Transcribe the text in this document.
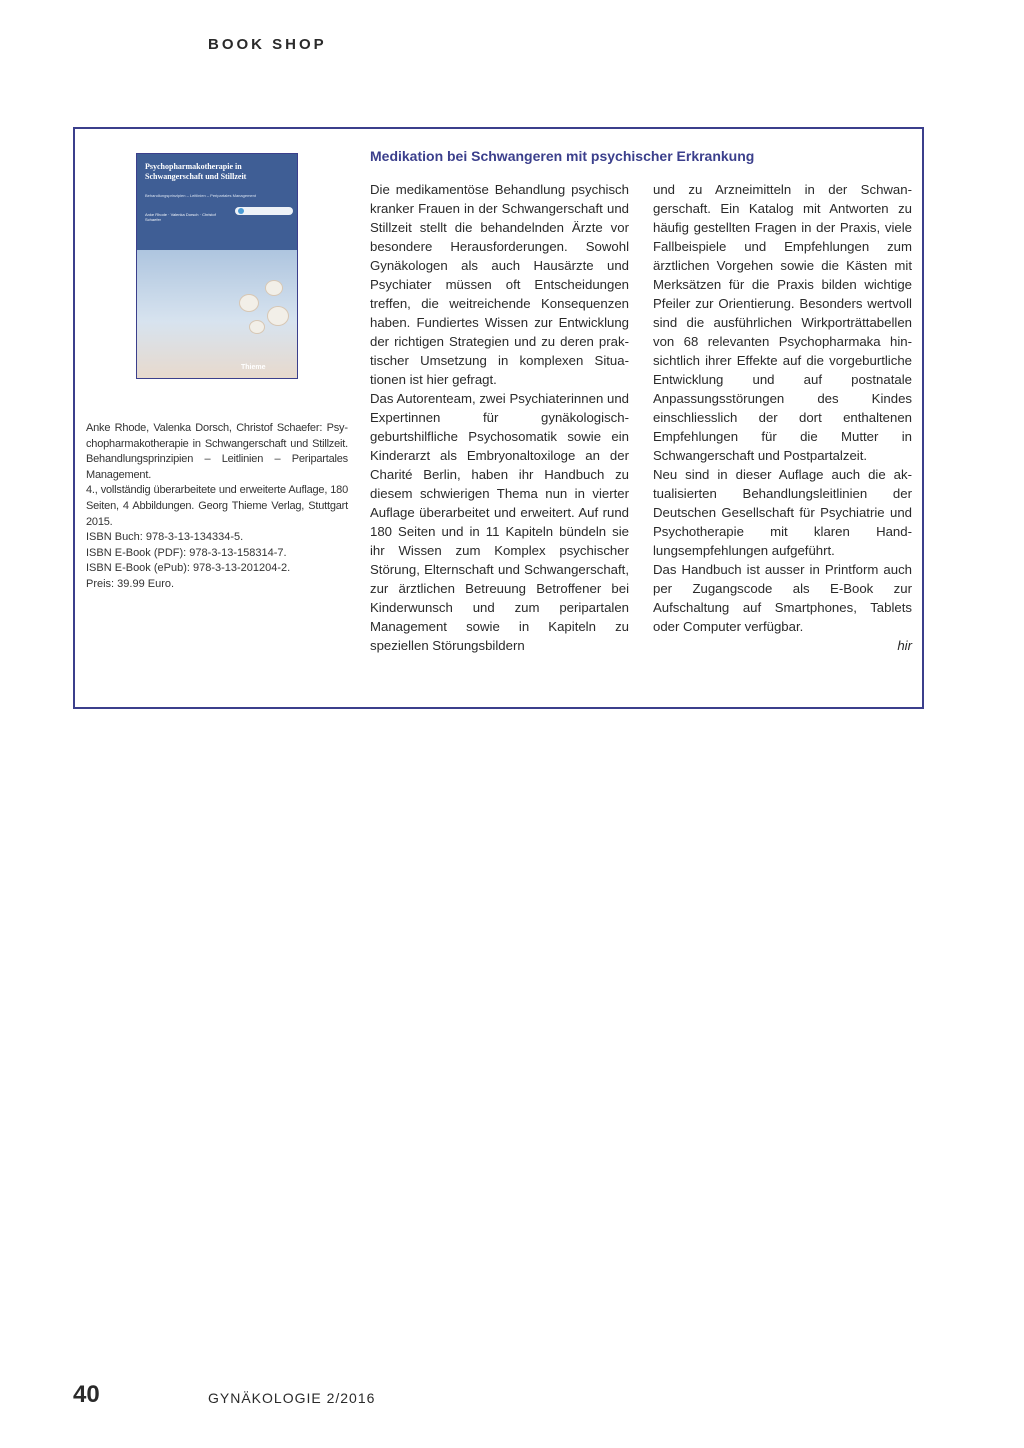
BOOK SHOP
Psychopharmakotherapie in Schwangerschaft und Stillzeit
Behandlungsprinzipien – Leitlinien – Peripartales Management
Anke Rhode · Valenka Dorsch · Christof Schaefer
Thieme
Anke Rhode, Valenka Dorsch, Christof Schaefer: Psychopharmakotherapie in Schwangerschaft und Stillzeit. Behandlungsprinzipien – Leitlinien – Peripartales Management.
4., vollständig überarbeitete und erweiterte Auflage, 180 Seiten, 4 Abbildungen. Georg Thieme Verlag, Stuttgart 2015.
ISBN Buch: 978-3-13-134334-5.
ISBN E-Book (PDF): 978-3-13-158314-7.
ISBN E-Book (ePub): 978-3-13-201204-2.
Preis: 39.99 Euro.
Medikation bei Schwangeren mit psychischer Erkrankung

Die medikamentöse Behandlung psychisch kranker Frauen in der Schwangerschaft und Stillzeit stellt die behandelnden Ärzte vor besondere Herausforderungen. Sowohl Gynäkologen als auch Hausärzte und Psychiater müssen oft Entscheidungen treffen, die weitreichende Konsequenzen haben. Fundiertes Wissen zur Entwicklung der richtigen Strategien und zu deren praktischer Umsetzung in komplexen Situationen ist hier gefragt.

Das Autorenteam, zwei Psychiaterinnen und Expertinnen für gynäkologisch-geburtshilfliche Psychosomatik sowie ein Kinderarzt als Embryonaltoxiloge an der Charité Berlin, haben ihr Handbuch zu diesem schwierigen Thema nun in vierter Auflage überarbeitet und erweitert. Auf rund 180 Seiten und in 11 Kapiteln bündeln sie ihr Wissen zum Komplex psychischer Störung, Elternschaft und Schwangerschaft, zur ärztlichen Betreuung Betroffener bei Kinderwunsch und zum peripartalen Management sowie in Kapiteln zu speziellen Störungsbildern

und zu Arzneimitteln in der Schwangerschaft. Ein Katalog mit Antworten zu häufig gestellten Fragen in der Praxis, viele Fallbeispiele und Empfehlungen zum ärztlichen Vorgehen sowie die Kästen mit Merksätzen für die Praxis bilden wichtige Pfeiler zur Orientierung. Besonders wertvoll sind die ausführlichen Wirkporträttabellen von 68 relevanten Psychopharmaka hinsichtlich ihrer Effekte auf die vorgeburtliche Entwicklung und auf postnatale Anpassungsstörungen des Kindes einschliesslich der dort enthaltenen Empfehlungen für die Mutter in Schwangerschaft und Postpartalzeit.

Neu sind in dieser Auflage auch die aktualisierten Behandlungsleitlinien der Deutschen Gesellschaft für Psychiatrie und Psychotherapie mit klaren Handlungsempfehlungen aufgeführt.

Das Handbuch ist ausser in Printform auch per Zugangscode als E-Book zur Aufschaltung auf Smartphones, Tablets oder Computer verfügbar.

hir

40	GYNÄKOLOGIE 2/2016
